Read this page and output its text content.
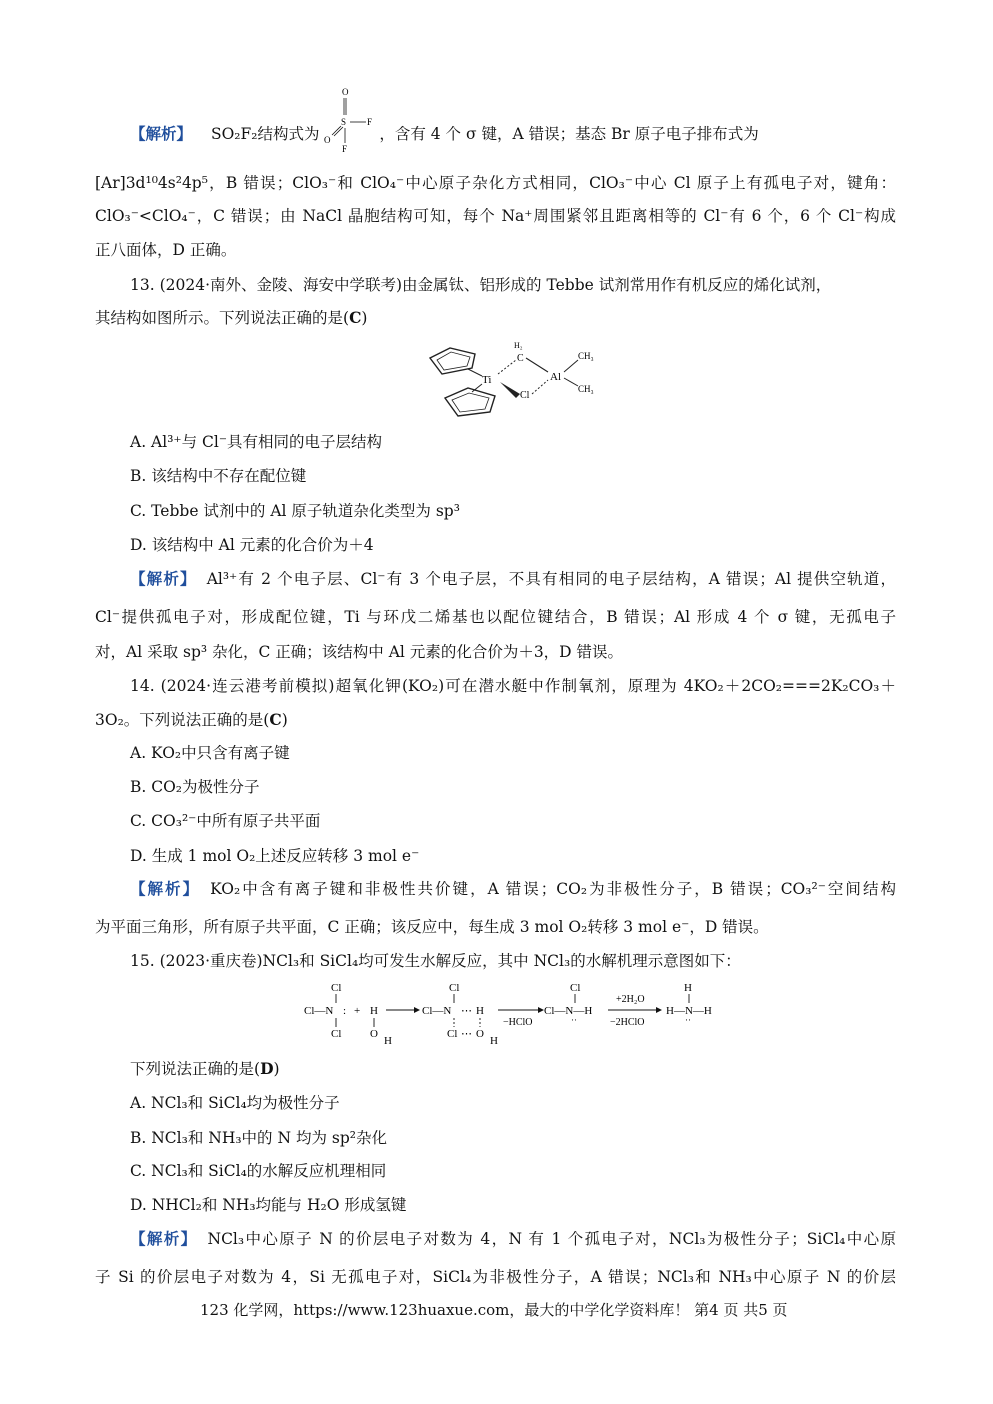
【解析】 SO₂F₂结构式为
O
S
O
F
F
，含有 4 个 σ 键，A 错误；基态 Br 原子电子排布式为
[Ar]3d¹⁰4s²4p⁵，B 错误；ClO₃⁻和 ClO₄⁻中心原子杂化方式相同，ClO₃⁻中心 Cl 原子上有孤电子对，键角：
ClO₃⁻<ClO₄⁻，C 错误；由 NaCl 晶胞结构可知，每个 Na⁺周围紧邻且距离相等的 Cl⁻有 6 个，6 个 Cl⁻构成
正八面体，D 正确。
13. (2024·南外、金陵、海安中学联考)由金属钛、铝形成的 Tebbe 试剂常用作有机反应的烯化试剂，
其结构如图所示。下列说法正确的是(C)
Ti
H₂
C
Cl
Al
CH₃
CH₃
A. Al³⁺与 Cl⁻具有相同的电子层结构
B. 该结构中不存在配位键
C. Tebbe 试剂中的 Al 原子轨道杂化类型为 sp³
D. 该结构中 Al 元素的化合价为＋4
【解析】 Al³⁺有 2 个电子层、Cl⁻有 3 个电子层，不具有相同的电子层结构，A 错误；Al 提供空轨道，
Cl⁻提供孤电子对，形成配位键，Ti 与环戊二烯基也以配位键结合，B 错误；Al 形成 4 个 σ 键，无孤电子
对，Al 采取 sp³ 杂化，C 正确；该结构中 Al 元素的化合价为＋3，D 错误。
14. (2024·连云港考前模拟)超氧化钾(KO₂)可在潜水艇中作制氧剂，原理为 4KO₂＋2CO₂===2K₂CO₃＋
3O₂。下列说法正确的是(C)
A. KO₂中只含有离子键
B. CO₂为极性分子
C. CO₃²⁻中所有原子共平面
D. 生成 1 mol O₂上述反应转移 3 mol e⁻
【解析】 KO₂中含有离子键和非极性共价键，A 错误；CO₂为非极性分子，B 错误；CO₃²⁻空间结构
为平面三角形，所有原子共平面，C 正确；该反应中，每生成 3 mol O₂转移 3 mol e⁻，D 错误。
15. (2023·重庆卷)NCl₃和 SiCl₄均可发生水解反应，其中 NCl₃的水解机理示意图如下：
Cl
Cl—N :
Cl
+ H
O
H
Cl
Cl—N ⋯ H
Cl ⋯ O
H
−HClO
Cl
Cl—N—H
··
+2H₂O
−2HClO
H
H—N—H
··
下列说法正确的是(D)
A. NCl₃和 SiCl₄均为极性分子
B. NCl₃和 NH₃中的 N 均为 sp²杂化
C. NCl₃和 SiCl₄的水解反应机理相同
D. NHCl₂和 NH₃均能与 H₂O 形成氢键
【解析】 NCl₃中心原子 N 的价层电子对数为 4，N 有 1 个孤电子对，NCl₃为极性分子；SiCl₄中心原
子 Si 的价层电子对数为 4，Si 无孤电子对，SiCl₄为非极性分子，A 错误；NCl₃和 NH₃中心原子 N 的价层
123 化学网，https://www.123huaxue.com，最大的中学化学资料库！ 第4 页 共5 页
